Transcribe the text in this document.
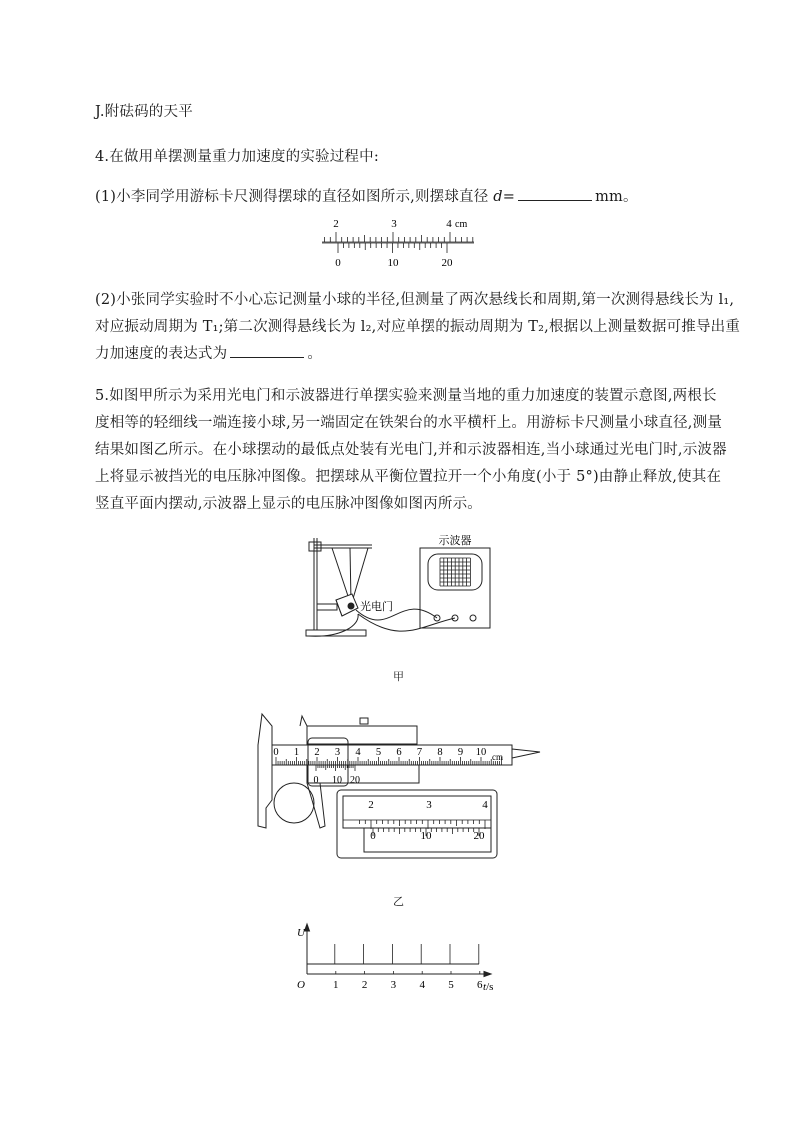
J.附砝码的天平
4.在做用单摆测量重力加速度的实验过程中:
(1)小李同学用游标卡尺测得摆球的直径如图所示,则摆球直径 d=	mm。
2	3	4 cm
0	10	20
(2)小张同学实验时不小心忘记测量小球的半径,但测量了两次悬线长和周期,第一次测得悬线长为 l₁,
对应振动周期为 T₁;第二次测得悬线长为 l₂,对应单摆的振动周期为 T₂,根据以上测量数据可推导出重
力加速度的表达式为	。
5.如图甲所示为采用光电门和示波器进行单摆实验来测量当地的重力加速度的装置示意图,两根长
度相等的轻细线一端连接小球,另一端固定在铁架台的水平横杆上。用游标卡尺测量小球直径,测量
结果如图乙所示。在小球摆动的最低点处装有光电门,并和示波器相连,当小球通过光电门时,示波器
上将显示被挡光的电压脉冲图像。把摆球从平衡位置拉开一个小角度(小于 5°)由静止释放,使其在
竖直平面内摆动,示波器上显示的电压脉冲图像如图丙所示。
示波器
光电门
甲
0 1 2 3 4 5 6 7 8 9 10 cm
0 10 20
2	3	4
0	10	20
乙
1 2 3 4 5 6
U
O	t/s
